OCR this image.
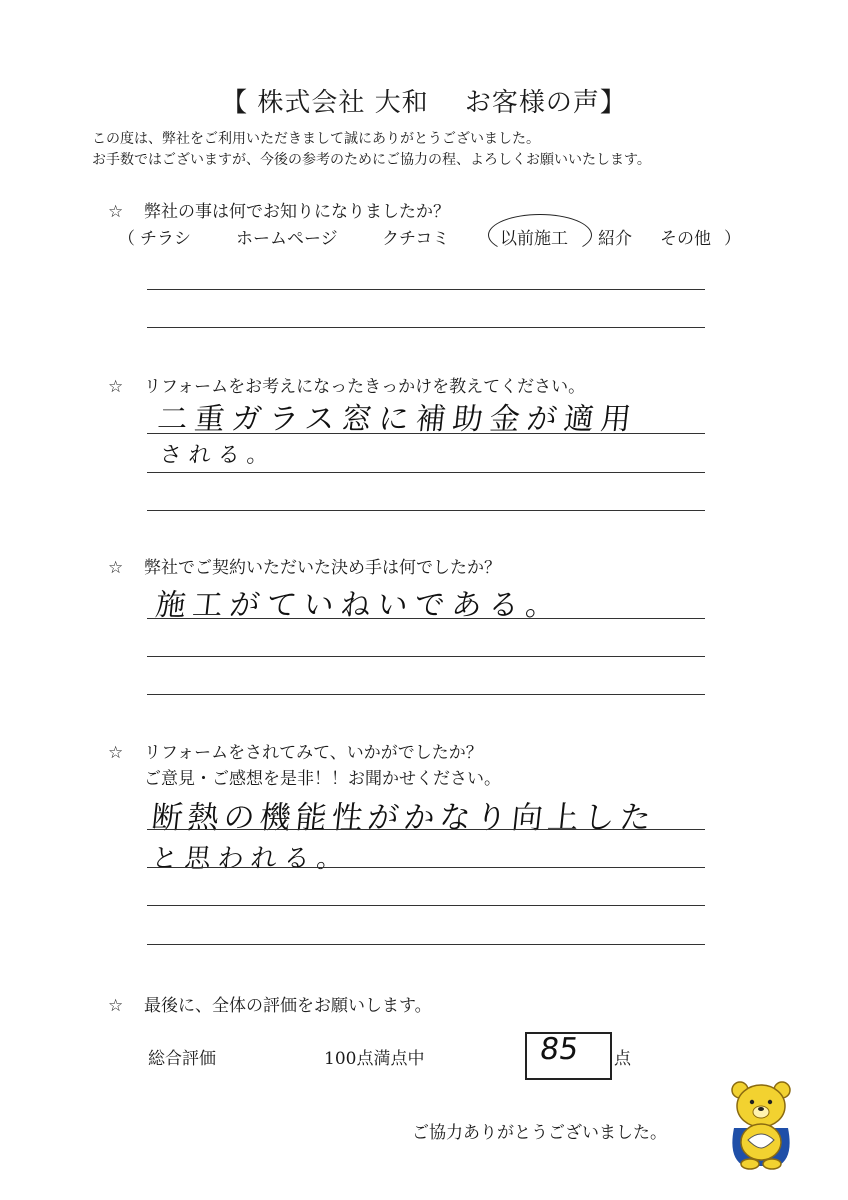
【 株式会社 大和　 お客様の声】
この度は、弊社をご利用いただきまして誠にありがとうございました。
お手数ではございますが、今後の参考のためにご協力の程、よろしくお願いいたします。
☆ 弊社の事は何でお知りになりましたか？
（ チラシ	ホームページ	クチコミ	以前施工 紹介 その他 ）
☆ リフォームをお考えになったきっかけを教えてください。
二重ガラス窓に補助金が適用
される。
☆ 弊社でご契約いただいた決め手は何でしたか？
施工がていねいである。
☆ リフォームをされてみて、いかがでしたか？
ご意見・ご感想を是非！！お聞かせください。
断熱の機能性がかなり向上した
と思われる。
☆ 最後に、全体の評価をお願いします。
総合評価	100点満点中	85 点
ご協力ありがとうございました。
